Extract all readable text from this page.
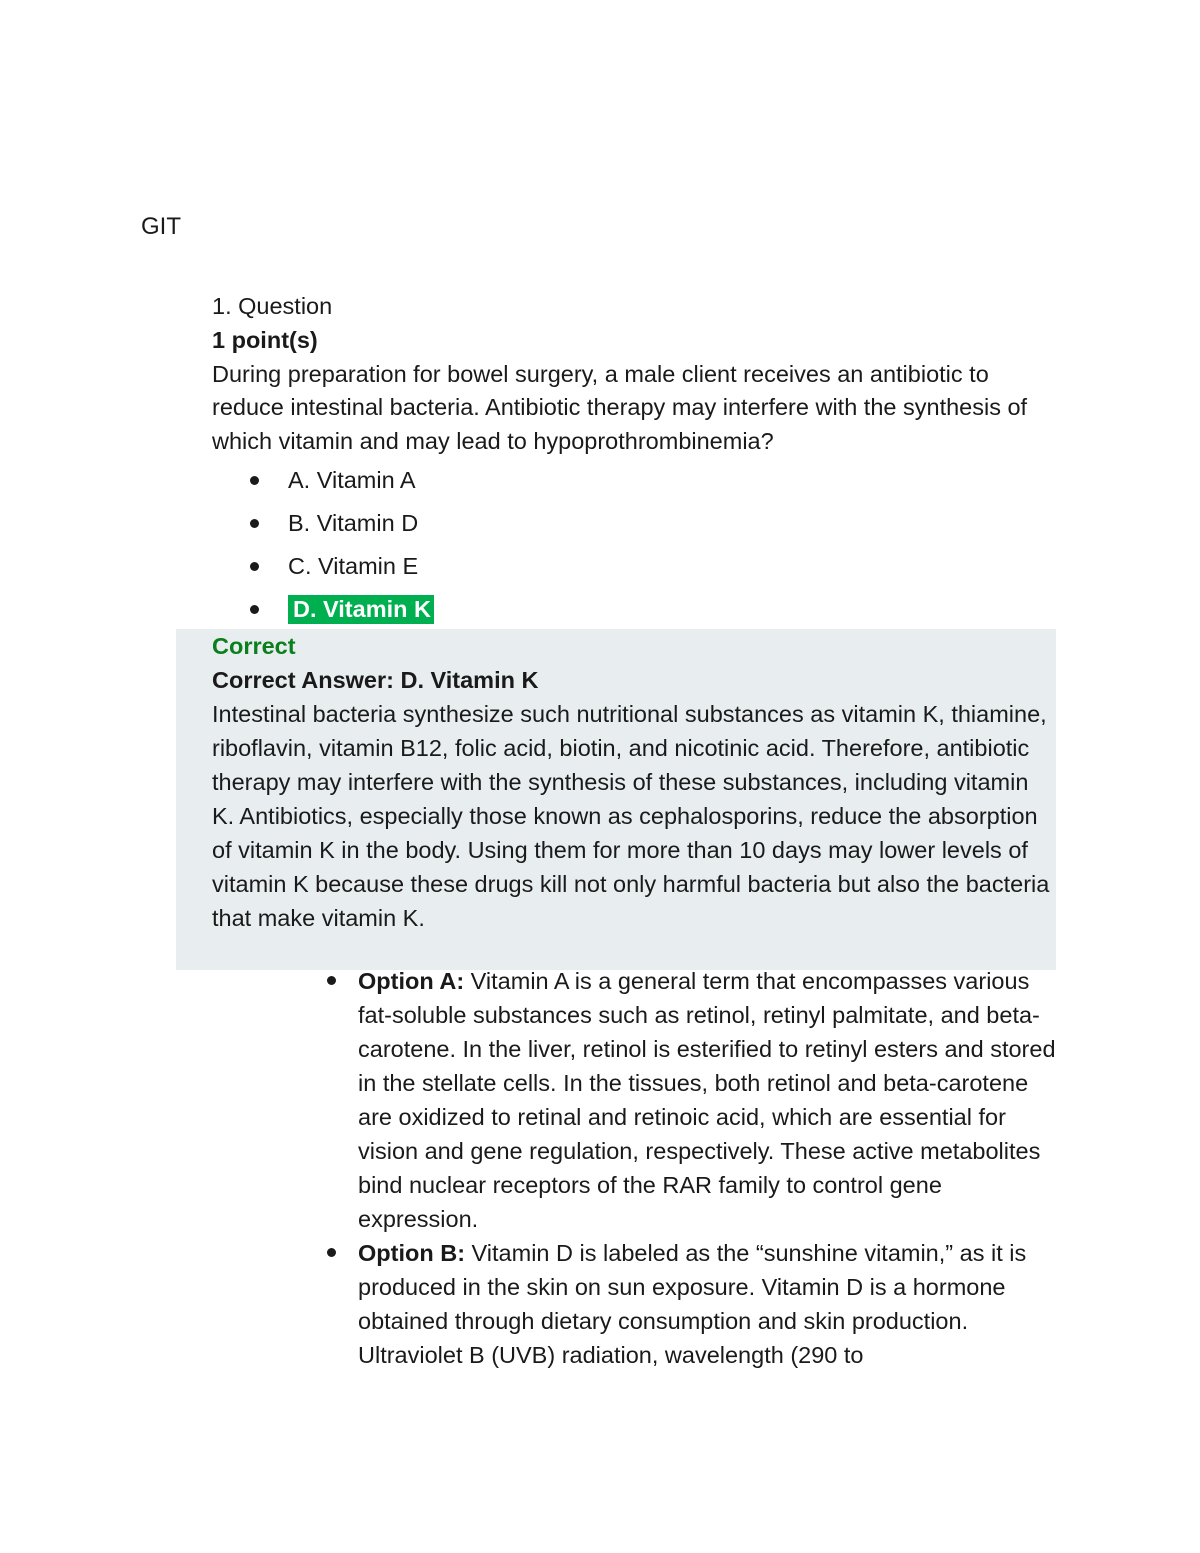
GIT
1. Question
1 point(s)
During preparation for bowel surgery, a male client receives an antibiotic to reduce intestinal bacteria. Antibiotic therapy may interfere with the synthesis of which vitamin and may lead to hypoprothrombinemia?
A. Vitamin A
B. Vitamin D
C. Vitamin E
D. Vitamin K
Correct
Correct Answer: D. Vitamin K
Intestinal bacteria synthesize such nutritional substances as vitamin K, thiamine, riboflavin, vitamin B12, folic acid, biotin, and nicotinic acid. Therefore, antibiotic therapy may interfere with the synthesis of these substances, including vitamin K. Antibiotics, especially those known as cephalosporins, reduce the absorption of vitamin K in the body. Using them for more than 10 days may lower levels of vitamin K because these drugs kill not only harmful bacteria but also the bacteria that make vitamin K.
Option A: Vitamin A is a general term that encompasses various fat-soluble substances such as retinol, retinyl palmitate, and beta-carotene. In the liver, retinol is esterified to retinyl esters and stored in the stellate cells. In the tissues, both retinol and beta-carotene are oxidized to retinal and retinoic acid, which are essential for vision and gene regulation, respectively. These active metabolites bind nuclear receptors of the RAR family to control gene expression.
Option B: Vitamin D is labeled as the “sunshine vitamin,” as it is produced in the skin on sun exposure. Vitamin D is a hormone obtained through dietary consumption and skin production. Ultraviolet B (UVB) radiation, wavelength (290 to
